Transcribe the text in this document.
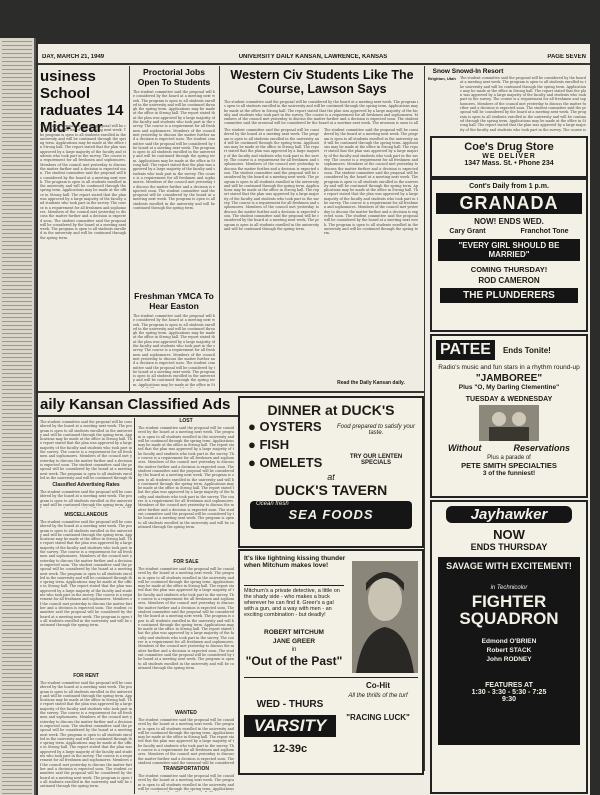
DAY, MARCH 21, 1949	UNIVERSITY DAILY KANSAN, LAWRENCE, KANSAS	PAGE SEVEN
usiness School
raduates 14
Mid-Year
The student committee said the proposal will be considered by the board at a meeting next week. The program is open to all students enrolled in the university and will be continued through the spring term. Applications may be made at the office in Strong hall. The report stated that the plan was approved by a large majority of the faculty and students who took part in the survey. The course is a requirement for all freshmen and sophomores. Members of the council met yesterday to discuss the matter further and a decision is expected soon. The student committee said the proposal will be considered by the board at a meeting next week. The program is open to all students enrolled in the university and will be continued through the spring term. Applications may be made at the office in Strong hall. The report stated that the plan was approved by a large majority of the faculty and students who took part in the survey. The course is a requirement for all freshmen and sophomores. Members of the council met yesterday to discuss the matter further and a decision is expected soon. The student committee said the proposal will be considered by the board at a meeting next week. The program is open to all students enrolled in the university and will be continued through the spring term.
Proctorial Jobs Open To Students
The student committee said the proposal will be considered by the board at a meeting next week. The program is open to all students enrolled in the university and will be continued through the spring term. Applications may be made at the office in Strong hall. The report stated that the plan was approved by a large majority of the faculty and students who took part in the survey. The course is a requirement for all freshmen and sophomores. Members of the council met yesterday to discuss the matter further and a decision is expected soon. The student committee said the proposal will be considered by the board at a meeting next week. The program is open to all students enrolled in the university and will be continued through the spring term. Applications may be made at the office in Strong hall. The report stated that the plan was approved by a large majority of the faculty and students who took part in the survey. The course is a requirement for all freshmen and sophomores. Members of the council met yesterday to discuss the matter further and a decision is expected soon. The student committee said the proposal will be considered by the board at a meeting next week. The program is open to all students enrolled in the university and will be continued through the spring term.
Freshman YMCA To Hear Easton
The student committee said the proposal will be considered by the board at a meeting next week. The program is open to all students enrolled in the university and will be continued through the spring term. Applications may be made at the office in Strong hall. The report stated that the plan was approved by a large majority of the faculty and students who took part in the survey. The course is a requirement for all freshmen and sophomores. Members of the council met yesterday to discuss the matter further and a decision is expected soon. The student committee said the proposal will be considered by the board at a meeting next week. The program is open to all students enrolled in the university and will be continued through the spring term. Applications may be made at the office in Strong hall. The report stated that the plan was approved by a large majority of the faculty and students who took part in the survey. The course is a requirement for all freshmen and sophomores. Members of the council met yesterday to discuss the matter further and a decision is expected soon. The student committee said the proposal will be considered by the board at a meeting next week. The program is open to all students enrolled in the university and will be continued through the spring term.
Western Civ Students Like The Course, Lawson Says
The student committee said the proposal will be considered by the board at a meeting next week. The program is open to all students enrolled in the university and will be continued through the spring term. Applications may be made at the office in Strong hall. The report stated that the plan was approved by a large majority of the faculty and students who took part in the survey. The course is a requirement for all freshmen and sophomores. Members of the council met yesterday to discuss the matter further and a decision is expected soon. The student committee said the proposal will be considered by the board at a meeting next week. The program is open to all students enrolled in the university and will be continued through the spring term. Applications may be made at the office in Strong hall. The report stated that the plan was approved by a large majority of the faculty and students who took part in the survey. The course is a requirement for all freshmen and sophomores. Members of the council met yesterday to discuss the matter further and a decision is expected soon. The student committee said the proposal will be considered by the board at a meeting next week. The program is open to all students enrolled in the university and will be continued through the spring term.
The student committee said the proposal will be considered by the board at a meeting next week. The program is open to all students enrolled in the university and will be continued through the spring term. Applications may be made at the office in Strong hall. The report stated that the plan was approved by a large majority of the faculty and students who took part in the survey. The course is a requirement for all freshmen and sophomores. Members of the council met yesterday to discuss the matter further and a decision is expected soon. The student committee said the proposal will be considered by the board at a meeting next week. The program is open to all students enrolled in the university and will be continued through the spring term. Applications may be made at the office in Strong hall. The report stated that the plan was approved by a large majority of the faculty and students who took part in the survey. The course is a requirement for all freshmen and sophomores. Members of the council met yesterday to discuss the matter further and a decision is expected soon. The student committee said the proposal will be considered by the board at a meeting next week. The program is open to all students enrolled in the university and will be continued through the spring term.
The student committee said the proposal will be considered by the board at a meeting next week. The program is open to all students enrolled in the university and will be continued through the spring term. Applications may be made at the office in Strong hall. The report stated that the plan was approved by a large majority of the faculty and students who took part in the survey. The course is a requirement for all freshmen and sophomores. Members of the council met yesterday to discuss the matter further and a decision is expected soon. The student committee said the proposal will be considered by the board at a meeting next week. The program is open to all students enrolled in the university and will be continued through the spring term. Applications may be made at the office in Strong hall. The report stated that the plan was approved by a large majority of the faculty and students who took part in the survey. The course is a requirement for all freshmen and sophomores. Members of the council met yesterday to discuss the matter further and a decision is expected soon. The student committee said the proposal will be considered by the board at a meeting next week. The program is open to all students enrolled in the university and will be continued through the spring term.
Read the Daily Kansan daily.
aily Kansan Classified Ads
The student committee said the proposal will be considered by the board at a meeting next week. The program is open to all students enrolled in the university and will be continued through the spring term. Applications may be made at the office in Strong hall. The report stated that the plan was approved by a large majority of the faculty and students who took part in the survey. The course is a requirement for all freshmen and sophomores. Members of the council met yesterday to discuss the matter further and a decision is expected soon. The student committee said the proposal will be considered by the board at a meeting next week. The program is open to all students enrolled in the university and will be continued through the spring term. Applications may be made at the office in Strong hall. The report stated that the plan was approved by a large majority of the faculty and students who took part in the survey. The course is a requirement for all freshmen and sophomores. Members of the council met yesterday to discuss the matter further and a decision is expected soon. The student committee said the proposal will be considered by the board at a meeting next week. The program is open to all students enrolled in the university and will be continued through the spring term.
Classified Advertising Rates
The student committee said the proposal will be considered by the board at a meeting next week. The program is open to all students enrolled in the university and will be continued through the spring term. Applications may be made at the office in Strong hall. The report stated that the plan was approved by a large majority of the faculty and students who took part in the survey. The course is a requirement for all freshmen and sophomores. Members of the council met yesterday to discuss the matter further and a decision is expected soon. The student committee said the proposal will be considered by the board at a meeting next week. The program is open to all students enrolled in the university and will be continued through the spring term. Applications may be made at the office in Strong hall. The report stated that the plan was approved by a large majority of the faculty and students who took part in the survey. The course is a requirement for all freshmen and sophomores. Members of the council met yesterday to discuss the matter further and a decision is expected soon. The student committee said the proposal will be considered by the board at a meeting next week. The program is open to all students enrolled in the university and will be continued through the spring term.
MISCELLANEOUS
The student committee said the proposal will be considered by the board at a meeting next week. The program is open to all students enrolled in the university and will be continued through the spring term. Applications may be made at the office in Strong hall. The report stated that the plan was approved by a large majority of the faculty and students who took part in the survey. The course is a requirement for all freshmen and sophomores. Members of the council met yesterday to discuss the matter further and a decision is expected soon. The student committee said the proposal will be considered by the board at a meeting next week. The program is open to all students enrolled in the university and will be continued through the spring term. Applications may be made at the office in Strong hall. The report stated that the plan was approved by a large majority of the faculty and students who took part in the survey. The course is a requirement for all freshmen and sophomores. Members of the council met yesterday to discuss the matter further and a decision is expected soon. The student committee said the proposal will be considered by the board at a meeting next week. The program is open to all students enrolled in the university and will be continued through the spring term.
FOR RENT
The student committee said the proposal will be considered by the board at a meeting next week. The program is open to all students enrolled in the university and will be continued through the spring term. Applications may be made at the office in Strong hall. The report stated that the plan was approved by a large majority of the faculty and students who took part in the survey. The course is a requirement for all freshmen and sophomores. Members of the council met yesterday to discuss the matter further and a decision is expected soon. The student committee said the proposal will be considered by the board at a meeting next week. The program is open to all students enrolled in the university and will be continued through the spring term. Applications may be made at the office in Strong hall. The report stated that the plan was approved by a large majority of the faculty and students who took part in the survey. The course is a requirement for all freshmen and sophomores. Members of the council met yesterday to discuss the matter further and a decision is expected soon. The student committee said the proposal will be considered by the board at a meeting next week. The program is open to all students enrolled in the university and will be continued through the spring term.
LOST
The student committee said the proposal will be considered by the board at a meeting next week. The program is open to all students enrolled in the university and will be continued through the spring term. Applications may be made at the office in Strong hall. The report stated that the plan was approved by a large majority of the faculty and students who took part in the survey. The course is a requirement for all freshmen and sophomores. Members of the council met yesterday to discuss the matter further and a decision is expected soon. The student committee said the proposal will be considered by the board at a meeting next week. The program is open to all students enrolled in the university and will be continued through the spring term. Applications may be made at the office in Strong hall. The report stated that the plan was approved by a large majority of the faculty and students who took part in the survey. The course is a requirement for all freshmen and sophomores. Members of the council met yesterday to discuss the matter further and a decision is expected soon. The student committee said the proposal will be considered by the board at a meeting next week. The program is open to all students enrolled in the university and will be continued through the spring term.
FOR SALE
The student committee said the proposal will be considered by the board at a meeting next week. The program is open to all students enrolled in the university and will be continued through the spring term. Applications may be made at the office in Strong hall. The report stated that the plan was approved by a large majority of the faculty and students who took part in the survey. The course is a requirement for all freshmen and sophomores. Members of the council met yesterday to discuss the matter further and a decision is expected soon. The student committee said the proposal will be considered by the board at a meeting next week. The program is open to all students enrolled in the university and will be continued through the spring term. Applications may be made at the office in Strong hall. The report stated that the plan was approved by a large majority of the faculty and students who took part in the survey. The course is a requirement for all freshmen and sophomores. Members of the council met yesterday to discuss the matter further and a decision is expected soon. The student committee said the proposal will be considered by the board at a meeting next week. The program is open to all students enrolled in the university and will be continued through the spring term.
WANTED
The student committee said the proposal will be considered by the board at a meeting next week. The program is open to all students enrolled in the university and will be continued through the spring term. Applications may be made at the office in Strong hall. The report stated that the plan was approved by a large majority of the faculty and students who took part in the survey. The course is a requirement for all freshmen and sophomores. Members of the council met yesterday to discuss the matter further and a decision is expected soon. The student committee said the proposal will be considered by the board at a meeting next week. The program is open to all students enrolled in the university and will be continued through the spring term. Applications may be made at the office in Strong hall. The report stated that the plan was approved by a large majority of the faculty and students who took part in the survey. The course is a requirement for all freshmen and sophomores. Members of the council met yesterday to discuss the matter further and a decision is expected soon. The student committee said the proposal will be considered by the board at a meeting next week. The program is open to all students enrolled in the university and will be continued through the spring term.
TRANSPORTATION
The student committee said the proposal will be considered by the board at a meeting next week. The program is open to all students enrolled in the university and will be continued through the spring term. Applications may be made at the office in Strong hall. The report stated that the plan was approved by a large majority of the faculty and students who took part in the survey. The course is a requirement for all freshmen and sophomores. Members of the council met yesterday to discuss the matter further and a decision is expected soon. The student committee said the proposal will be considered by the board at a meeting next week. The program is open to all students enrolled in the university and will be continued through the spring term. Applications may be made at the office in Strong hall. The report stated that the plan was approved by a large majority of the faculty and students who took part in the survey. The course is a requirement for all freshmen and sophomores. Members of the council met yesterday to discuss the matter further and a decision is expected soon. The student committee said the proposal will be considered by the board at a meeting next week. The program is open to all students enrolled in the university and will be continued through the spring term.
DINNER at DUCK'S
● OYSTERS
● FISH
● OMELETS
Food prepared to satisfy your taste.
TRY OUR LENTEN SPECIALS
at
DUCK'S TAVERN
Ocean fresh
SEA FOODS
It's like lightning kissing thunder when Mitchum makes love!
Mitchum's a private detective, a little on the shady side - who makes a buck wherever he can find it. Greer's a gal with a gun, and a way with men - an exciting combination - but deadly!
ROBERT MITCHUM
JANE GREER
in
"Out of the Past"
Co-Hit
All the thrills of the turf
"RACING LUCK"
WED - THURS
VARSITY
12-39c
Snow Snowd-In Resort
Brighton, Utah
The student committee said the proposal will be considered by the board at a meeting next week. The program is open to all students enrolled in the university and will be continued through the spring term. Applications may be made at the office in Strong hall. The report stated that the plan was approved by a large majority of the faculty and students who took part in the survey. The course is a requirement for all freshmen and sophomores. Members of the council met yesterday to discuss the matter further and a decision is expected soon. The student committee said the proposal will be considered by the board at a meeting next week. The program is open to all students enrolled in the university and will be continued through the spring term. Applications may be made at the office in Strong hall. The report stated that the plan was approved by a large majority of the faculty and students who took part in the survey. The course is a requirement for all freshmen and sophomores. Members of the council met yesterday to discuss the matter further and a decision is expected soon. The student committee said the proposal will be considered by the board at a meeting next week. The program is open to all students enrolled in the university and will be continued through the spring term.
Coe's Drug Store
WE DELIVER
1347 Mass. St. • Phone 234
Cont's Daily from 1 p.m.
GRANADA
NOW! ENDS WED.
Cary Grant	Franchot Tone
"EVERY GIRL SHOULD BE MARRIED"
COMING THURSDAY!
ROD CAMERON
THE PLUNDERERS
PATEE	Ends Tonite!
Radio's music and fun stars in a rhythm round-up
"JAMBOREE"
Plus "O, My Darling Clementine"
TUESDAY & WEDNESDAY
Without	Reservations
Plus a parade of
PETE SMITH SPECIALTIES
3 of the funniest!
Jayhawker
NOW
ENDS THURSDAY
SAVAGE WITH EXCITEMENT!
in Technicolor
FIGHTER SQUADRON
Edmond O'BRIEN
Robert STACK
John RODNEY
FEATURES AT
1:30 - 3:30 - 5:30 - 7:25
9:30
